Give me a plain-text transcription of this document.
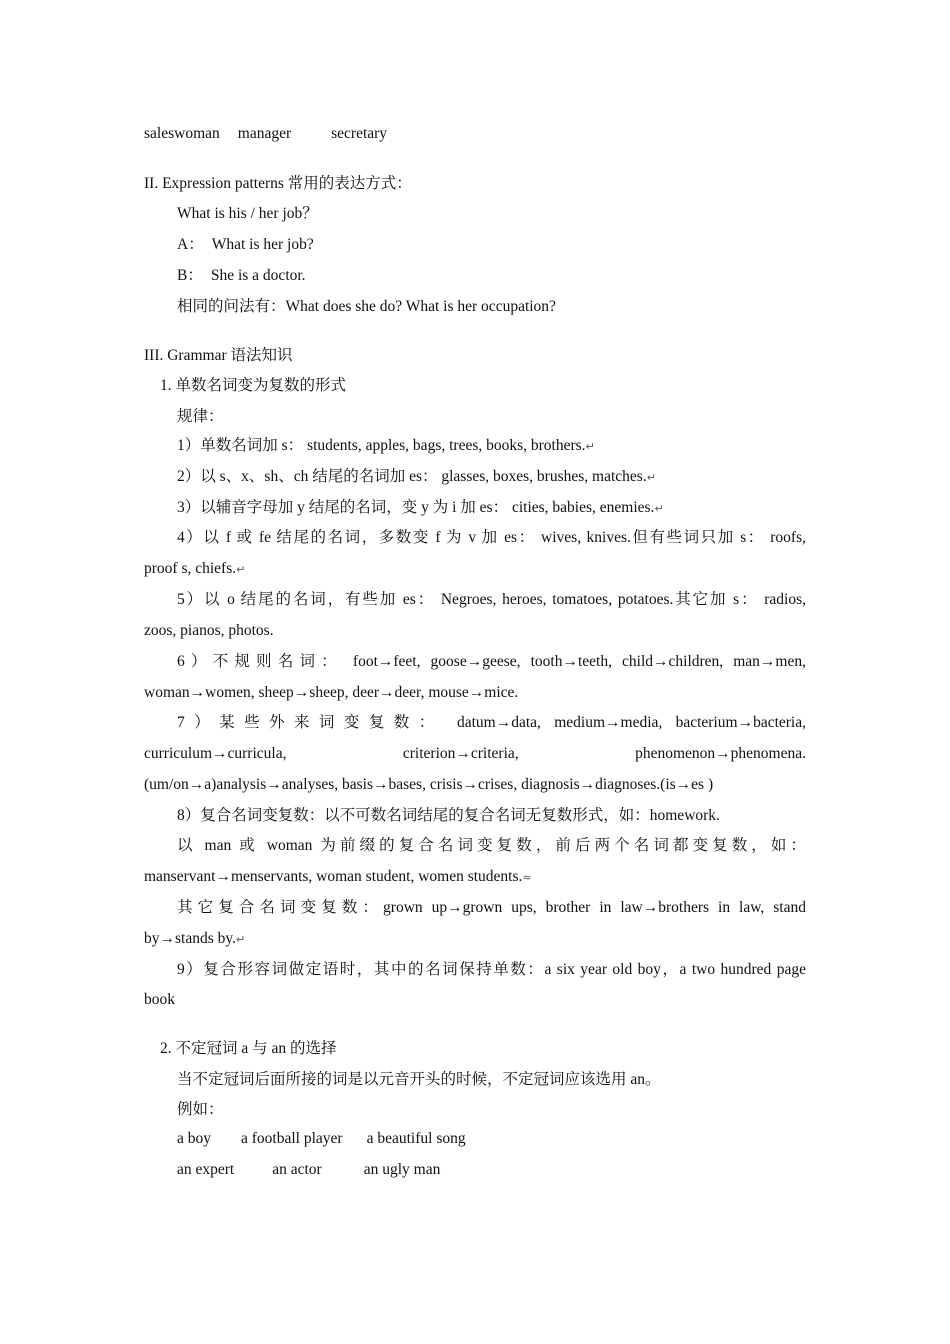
saleswoman manager	secretary
II. Expression patterns 常用的表达方式：
What is his / her job？
A： What is her job?
B： She is a doctor.
相同的问法有：What does she do? What is her occupation?
III. Grammar 语法知识
1. 单数名词变为复数的形式
规律：
1）单数名词加 s： students, apples, bags, trees, books, brothers.↵
2）以 s、x、sh、ch 结尾的名词加 es： glasses, boxes, brushes, matches.↵
3）以辅音字母加 y 结尾的名词，变 y 为 i 加 es： cities, babies, enemies.↵
4）以 f 或 fe 结尾的名词，多数变 f 为 v 加 es： wives, knives.但有些词只加 s： roofs,
proof s, chiefs.↵
5）以 o 结尾的名词，有些加 es： Negroes, heroes, tomatoes, potatoes.其它加 s： radios,
zoos, pianos, photos.
6）不规则名词： foot→feet, goose→geese, tooth→teeth, child→children, man→men,
woman→women, sheep→sheep, deer→deer, mouse→mice.
7）某些外来词变复数： datum→data, medium→media, bacterium→bacteria,
curriculum→curricula,	criterion→criteria,	phenomenon→phenomena.
(um/on→a)analysis→analyses, basis→bases, crisis→crises, diagnosis→diagnoses.(is→es )
8）复合名词变复数：以不可数名词结尾的复合名词无复数形式，如：homework.
以 man 或 woman 为前缀的复合名词变复数，前后两个名词都变复数，如：
manservant→menservants, woman student, women students.≈
其它复合名词变复数：grown up→grown ups, brother in law→brothers in law, stand
by→stands by.↵
9）复合形容词做定语时，其中的名词保持单数：a six year old boy，a two hundred page
book
2. 不定冠词 a 与 an 的选择
当不定冠词后面所接的词是以元音开头的时候，不定冠词应该选用 an。
例如：
a boy a football player a beautiful song
an expert an actor	an ugly man
